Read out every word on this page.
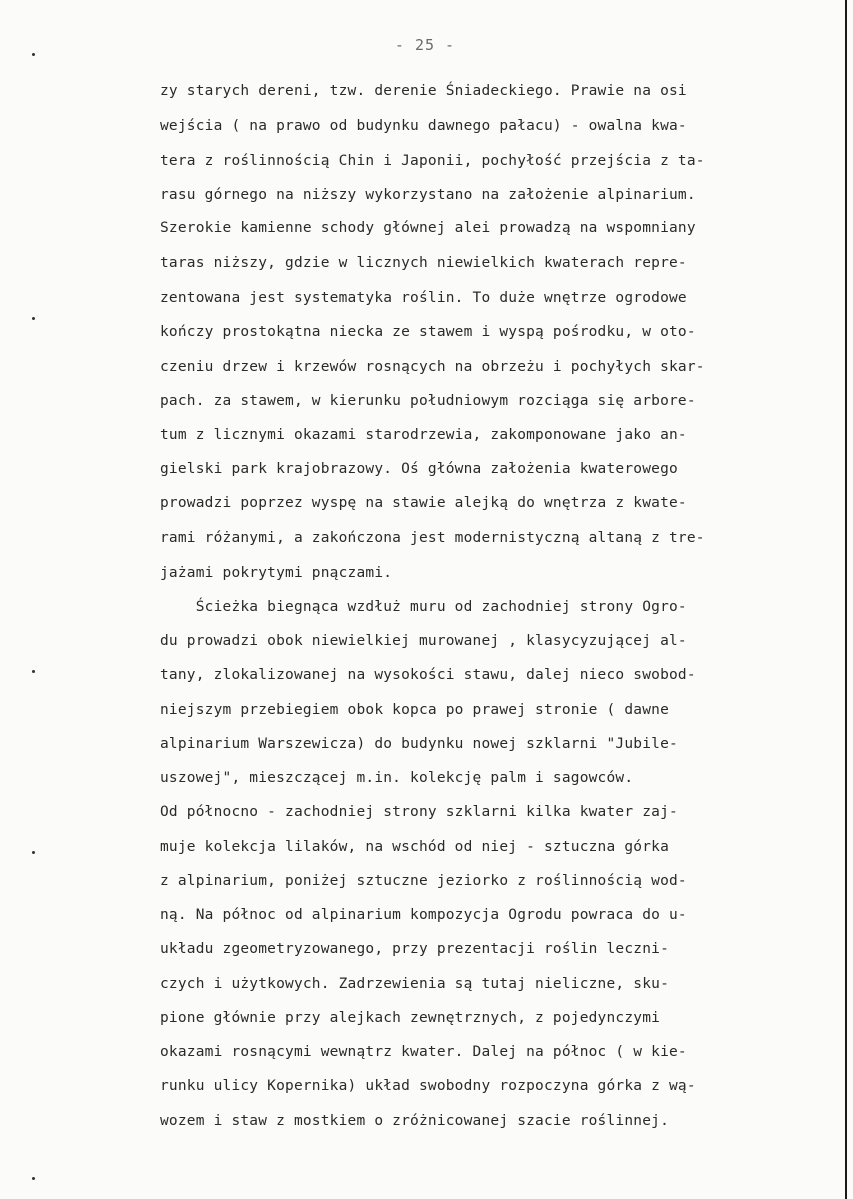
- 25 -
zy starych dereni, tzw. derenie Śniadeckiego. Prawie na osi
wejścia ( na prawo od budynku dawnego pałacu) - owalna kwa-
tera z roślinnością Chin i Japonii, pochyłość przejścia z ta-
rasu górnego na niższy wykorzystano na założenie alpinarium.
Szerokie kamienne schody głównej alei prowadzą na wspomniany
taras niższy, gdzie w licznych niewielkich kwaterach repre-
zentowana jest systematyka roślin. To duże wnętrze ogrodowe
kończy prostokątna niecka ze stawem i wyspą pośrodku, w oto-
czeniu drzew i krzewów rosnących na obrzeżu i pochyłych skar-
pach. za stawem, w kierunku południowym rozciąga się arbore-
tum z licznymi okazami starodrzewia, zakomponowane jako an-
gielski park krajobrazowy. Oś główna założenia kwaterowego
prowadzi poprzez wyspę na stawie alejką do wnętrza z kwate-
rami różanymi, a zakończona jest modernistyczną altaną z tre-
jażami pokrytymi pnączami.
Ścieżka biegnąca wzdłuż muru od zachodniej strony Ogro-
du prowadzi obok niewielkiej murowanej , klasycyzującej al-
tany, zlokalizowanej na wysokości stawu, dalej nieco swobod-
niejszym przebiegiem obok kopca po prawej stronie ( dawne
alpinarium Warszewicza) do budynku nowej szklarni "Jubile-
uszowej", mieszczącej m.in. kolekcję palm i sagowców.
Od północno - zachodniej strony szklarni kilka kwater zaj-
muje kolekcja lilaków, na wschód od niej - sztuczna górka
z alpinarium, poniżej sztuczne jeziorko z roślinnością wod-
ną. Na północ od alpinarium kompozycja Ogrodu powraca do u-
układu zgeometryzowanego, przy prezentacji roślin leczni-
czych i użytkowych. Zadrzewienia są tutaj nieliczne, sku-
pione głównie przy alejkach zewnętrznych, z pojedynczymi
okazami rosnącymi wewnątrz kwater. Dalej na północ ( w kie-
runku ulicy Kopernika) układ swobodny rozpoczyna górka z wą-
wozem i staw z mostkiem o zróżnicowanej szacie roślinnej.
